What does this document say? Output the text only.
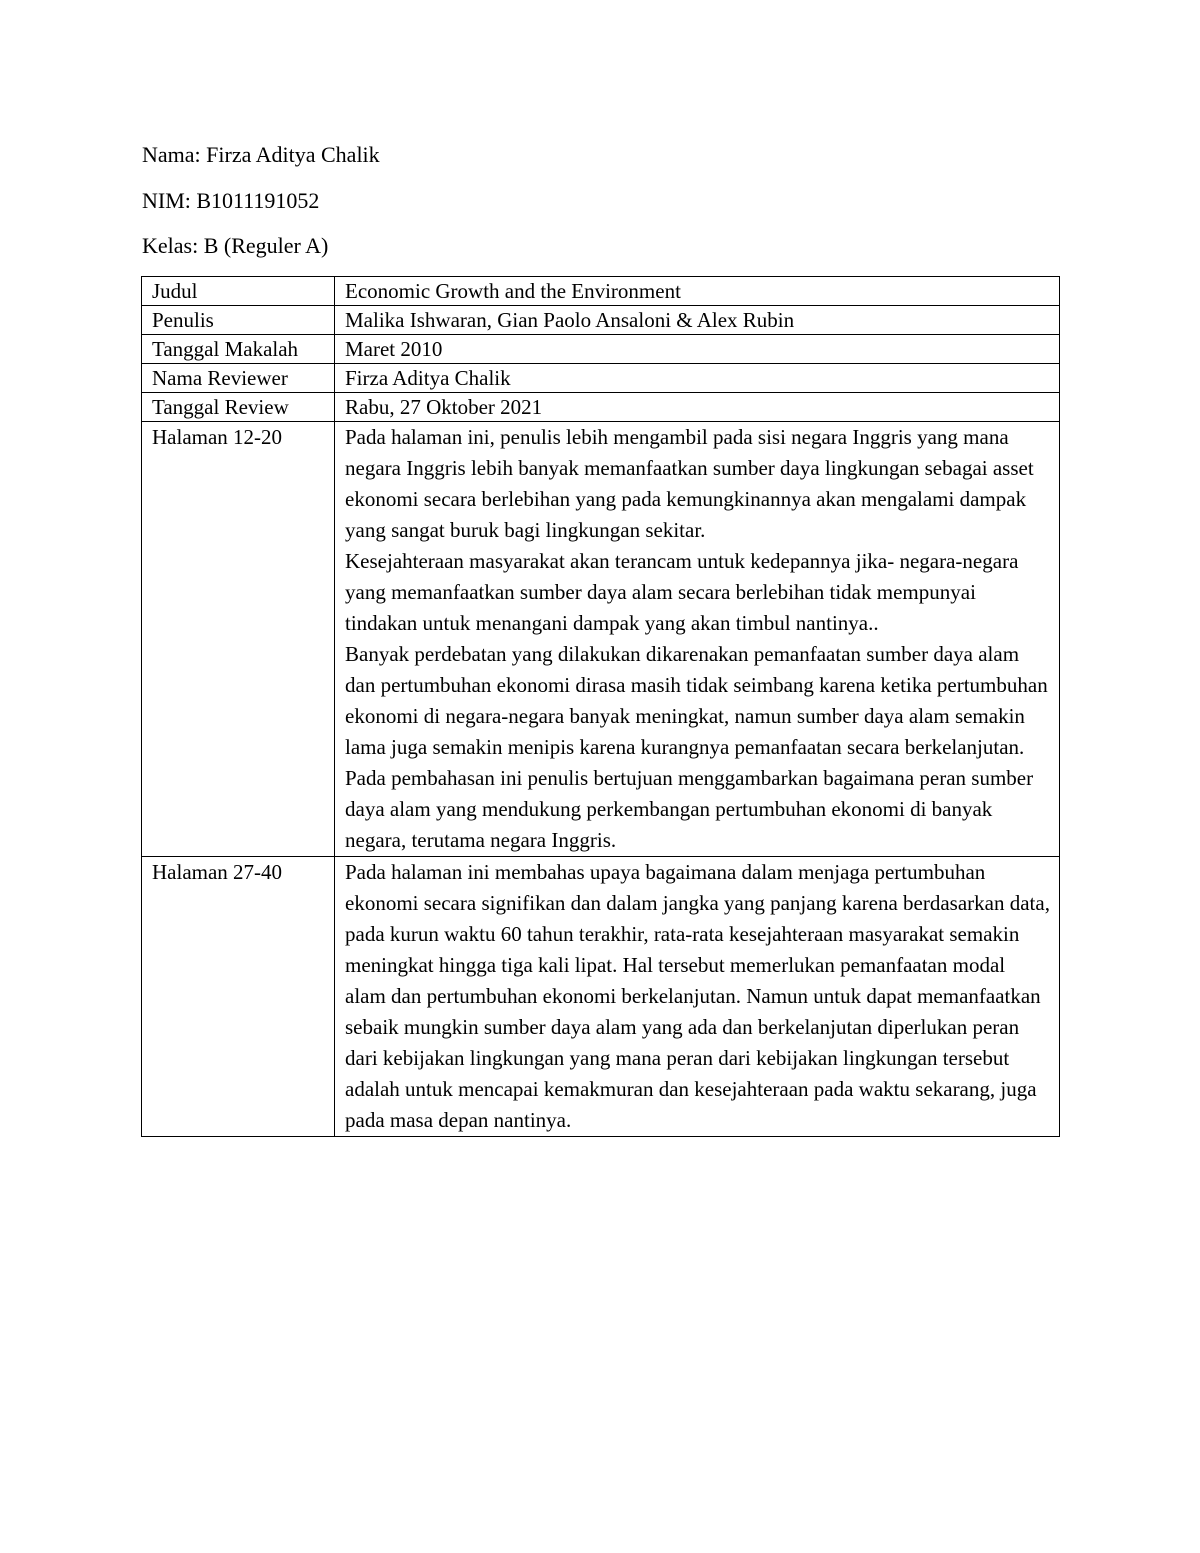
Nama: Firza Aditya Chalik
NIM: B1011191052
Kelas: B (Reguler A)
Judul	Economic Growth and the Environment
Penulis	Malika Ishwaran, Gian Paolo Ansaloni & Alex Rubin
Tanggal Makalah	Maret 2010
Nama Reviewer	Firza Aditya Chalik
Tanggal Review	Rabu, 27 Oktober 2021
Halaman 12-20	Pada halaman ini, penulis lebih mengambil pada sisi negara Inggris yang mana negara Inggris lebih banyak memanfaatkan sumber daya lingkungan sebagai asset ekonomi secara berlebihan yang pada kemungkinannya akan mengalami dampak yang sangat buruk bagi lingkungan sekitar.

Kesejahteraan masyarakat akan terancam untuk kedepannya jika- negara-negara yang memanfaatkan sumber daya alam secara berlebihan tidak mempunyai tindakan untuk menangani dampak yang akan timbul nantinya..

Banyak perdebatan yang dilakukan dikarenakan pemanfaatan sumber daya alam dan pertumbuhan ekonomi dirasa masih tidak seimbang karena ketika pertumbuhan ekonomi di negara-negara banyak meningkat, namun sumber daya alam semakin lama juga semakin menipis karena kurangnya pemanfaatan secara berkelanjutan.

Pada pembahasan ini penulis bertujuan menggambarkan bagaimana peran sumber daya alam yang mendukung perkembangan pertumbuhan ekonomi di banyak negara, terutama negara Inggris.

Halaman 27-40	Pada halaman ini membahas upaya bagaimana dalam menjaga pertumbuhan ekonomi secara signifikan dan dalam jangka yang panjang karena berdasarkan data, pada kurun waktu 60 tahun terakhir, rata-rata kesejahteraan masyarakat semakin meningkat hingga tiga kali lipat. Hal tersebut memerlukan pemanfaatan modal alam dan pertumbuhan ekonomi berkelanjutan. Namun untuk dapat memanfaatkan sebaik mungkin sumber daya alam yang ada dan berkelanjutan diperlukan peran dari kebijakan lingkungan yang mana peran dari kebijakan lingkungan tersebut adalah untuk mencapai kemakmuran dan kesejahteraan pada waktu sekarang, juga pada masa depan nantinya.
